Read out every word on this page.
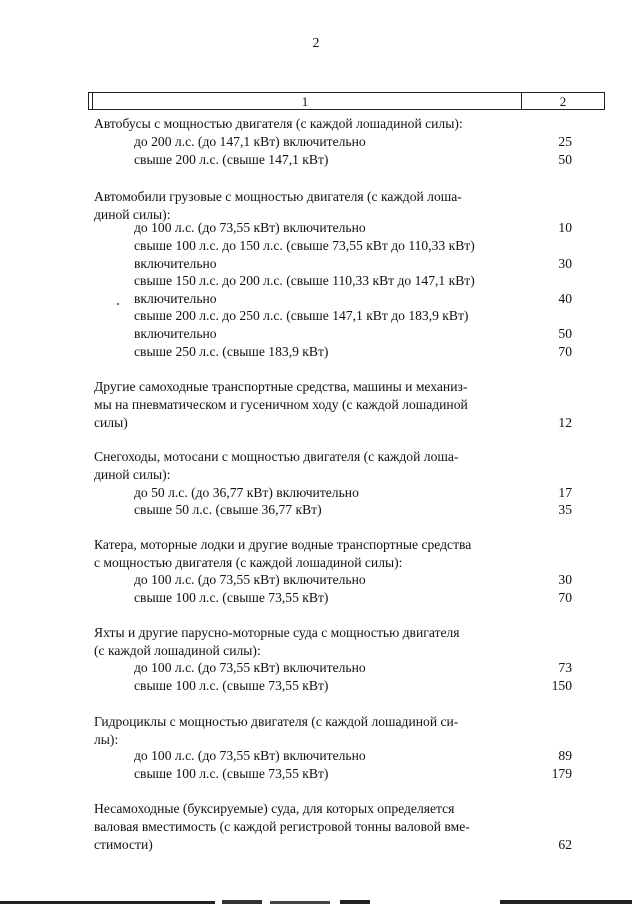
2
1	2
Автобусы с мощностью двигателя (с каждой лошадиной силы):
до 200 л.с. (до 147,1 кВт) включительно	25
свыше 200 л.с. (свыше 147,1 кВт)	50
Автомобили грузовые с мощностью двигателя (с каждой лоша-
диной силы):
до 100 л.с. (до 73,55 кВт) включительно	10
свыше 100 л.с. до 150 л.с. (свыше 73,55 кВт до 110,33 кВт)
включительно	30
свыше 150 л.с. до 200 л.с. (свыше 110,33 кВт до 147,1 кВт)
включительно	40
свыше 200 л.с. до 250 л.с. (свыше 147,1 кВт до 183,9 кВт)
включительно	50
свыше 250 л.с. (свыше 183,9 кВт)	70
Другие самоходные транспортные средства, машины и механиз-
мы на пневматическом и гусеничном ходу (с каждой лошадиной
силы)	12
Снегоходы, мотосани с мощностью двигателя (с каждой лоша-
диной силы):
до 50 л.с. (до 36,77 кВт) включительно	17
свыше 50 л.с. (свыше 36,77 кВт)	35
Катера, моторные лодки и другие водные транспортные средства
с мощностью двигателя (с каждой лошадиной силы):
до 100 л.с. (до 73,55 кВт) включительно	30
свыше 100 л.с. (свыше 73,55 кВт)	70
Яхты и другие парусно-моторные суда с мощностью двигателя
(с каждой лошадиной силы):
до 100 л.с. (до 73,55 кВт) включительно	73
свыше 100 л.с. (свыше 73,55 кВт)	150
Гидроциклы с мощностью двигателя (с каждой лошадиной си-
лы):
до 100 л.с. (до 73,55 кВт) включительно	89
свыше 100 л.с. (свыше 73,55 кВт)	179
Несамоходные (буксируемые) суда, для которых определяется
валовая вместимость (с каждой регистровой тонны валовой вме-
стимости)	62
